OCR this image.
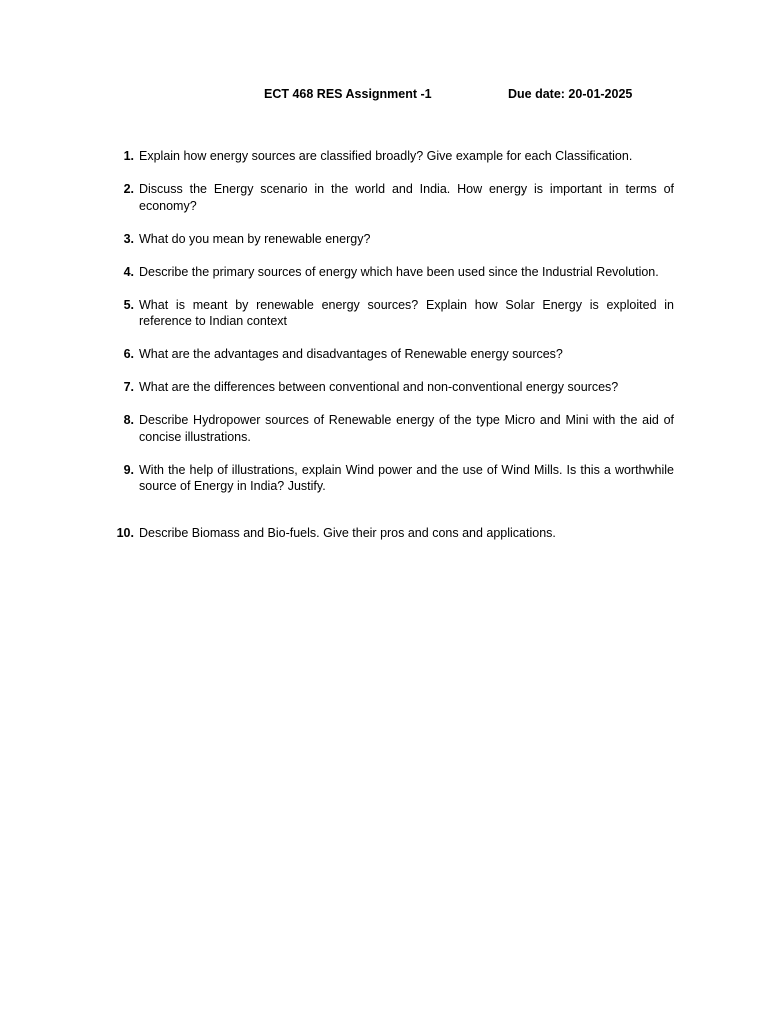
ECT 468 RES Assignment -1	Due date: 20-01-2025
1. Explain how energy sources are classified broadly? Give example for each Classification.
2. Discuss the Energy scenario in the world and India. How energy is important in terms of economy?
3. What do you mean by renewable energy?
4. Describe the primary sources of energy which have been used since the Industrial Revolution.
5. What is meant by renewable energy sources? Explain how Solar Energy is exploited in reference to Indian context
6. What are the advantages and disadvantages of Renewable energy sources?
7. What are the differences between conventional and non-conventional energy sources?
8. Describe Hydropower sources of Renewable energy of the type Micro and Mini with the aid of concise illustrations.
9. With the help of illustrations, explain Wind power and the use of Wind Mills. Is this a worthwhile source of Energy in India? Justify.
10. Describe Biomass and Bio-fuels. Give their pros and cons and applications.
